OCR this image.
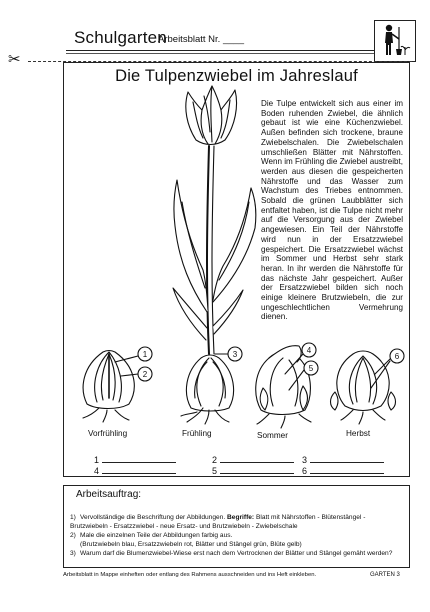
Schulgarten
Arbeitsblatt Nr. ____
✂
Die Tulpenzwiebel im Jahreslauf

Die Tulpe entwickelt sich aus einer im Boden ruhenden Zwiebel, die ähnlich gebaut ist wie eine Küchenzwiebel. Außen befinden sich trockene, braune Zwiebelschalen. Die Zwiebelschalen umschließen Blätter mit Nährstoffen. Wenn im Frühling die Zwiebel austreibt, werden aus diesen die gespeicherten Nährstoffe und das Wasser zum Wachstum des Triebes entnommen. Sobald die grünen Laubblätter sich entfaltet haben, ist die Tulpe nicht mehr auf die Versorgung aus der Zwiebel angewiesen. Ein Teil der Nährstoffe wird nun in der Ersatzzwiebel gespeichert. Die Ersatzzwiebel wächst im Sommer und Herbst sehr stark heran. In ihr werden die Nährstoffe für das nächste Jahr gespeichert. Außer der Ersatzzwiebel bilden sich noch einige kleinere Brutzwiebeln, die zur ungeschlechtlichen Vermehrung dienen.

Vorfrühling	Frühling	Sommer	Herbst
1	2	3
4	5	6
1
2
3	4
5
6
Arbeitsauftrag:

1) Vervollständige die Beschriftung der Abbildungen. Begriffe: Blatt mit Nährstoffen - Blütenstängel - Brutzwiebeln - Ersatzzwiebel - neue Ersatz- und Brutzwiebeln - Zwiebelschale

2) Male die einzelnen Teile der Abbildungen farbig aus.
(Brutzwiebeln blau, Ersatzzwiebeln rot, Blätter und Stängel grün, Blüte gelb)

3) Warum darf die Blumenzwiebel-Wiese erst nach dem Vertrocknen der Blätter und Stängel gemäht werden?

Arbeitsblatt in Mappe einheften oder entlang des Rahmens ausschneiden und ins Heft einkleben.	GARTEN 3
